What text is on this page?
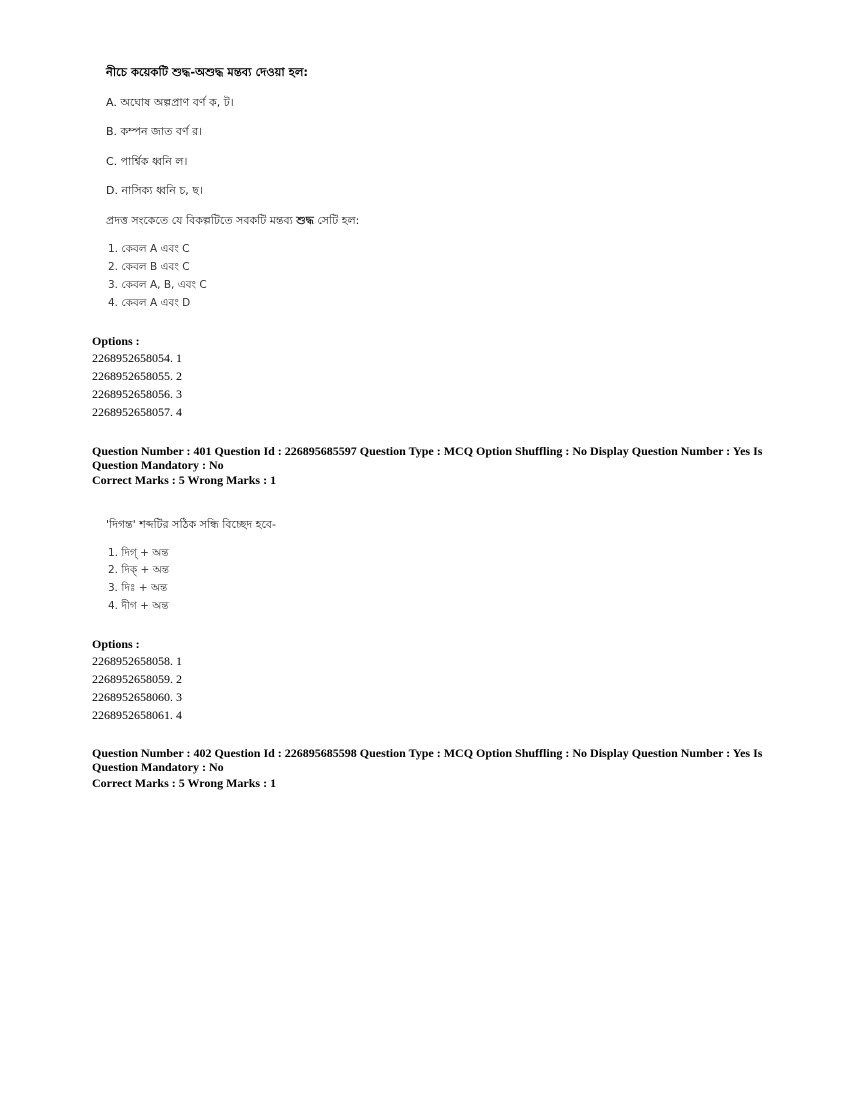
নীচে কয়েকটি শুদ্ধ-অশুদ্ধ মন্তব্য দেওয়া হল:
A. অঘোষ অল্পপ্রাণ বর্ণ ক, ট।
B. কম্পন জাত বর্ণ র।
C. পার্শ্বিক ধ্বনি ল।
D. নাসিক্য ধ্বনি চ, ছ।
প্রদত্ত সংকেতে যে বিকল্পটিতে সবকটি মন্তব্য শুদ্ধ সেটি হল:
1. কেবল A এবং C
2. কেবল B এবং C
3. কেবল A, B, এবং C
4. কেবল A এবং D
Options :
2268952658054. 1
2268952658055. 2
2268952658056. 3
2268952658057. 4
Question Number : 401 Question Id : 226895685597 Question Type : MCQ Option Shuffling : No Display Question Number : Yes Is Question Mandatory : No
Correct Marks : 5 Wrong Marks : 1
'দিগন্ত' শব্দটির সঠিক সন্ধি বিচ্ছেদ হবে-
1. দিগ্ + অন্ত
2. দিক্ + অন্ত
3. দিঃ + অন্ত
4. দীগ + অন্ত
Options :
2268952658058. 1
2268952658059. 2
2268952658060. 3
2268952658061. 4
Question Number : 402 Question Id : 226895685598 Question Type : MCQ Option Shuffling : No Display Question Number : Yes Is Question Mandatory : No
Correct Marks : 5 Wrong Marks : 1
